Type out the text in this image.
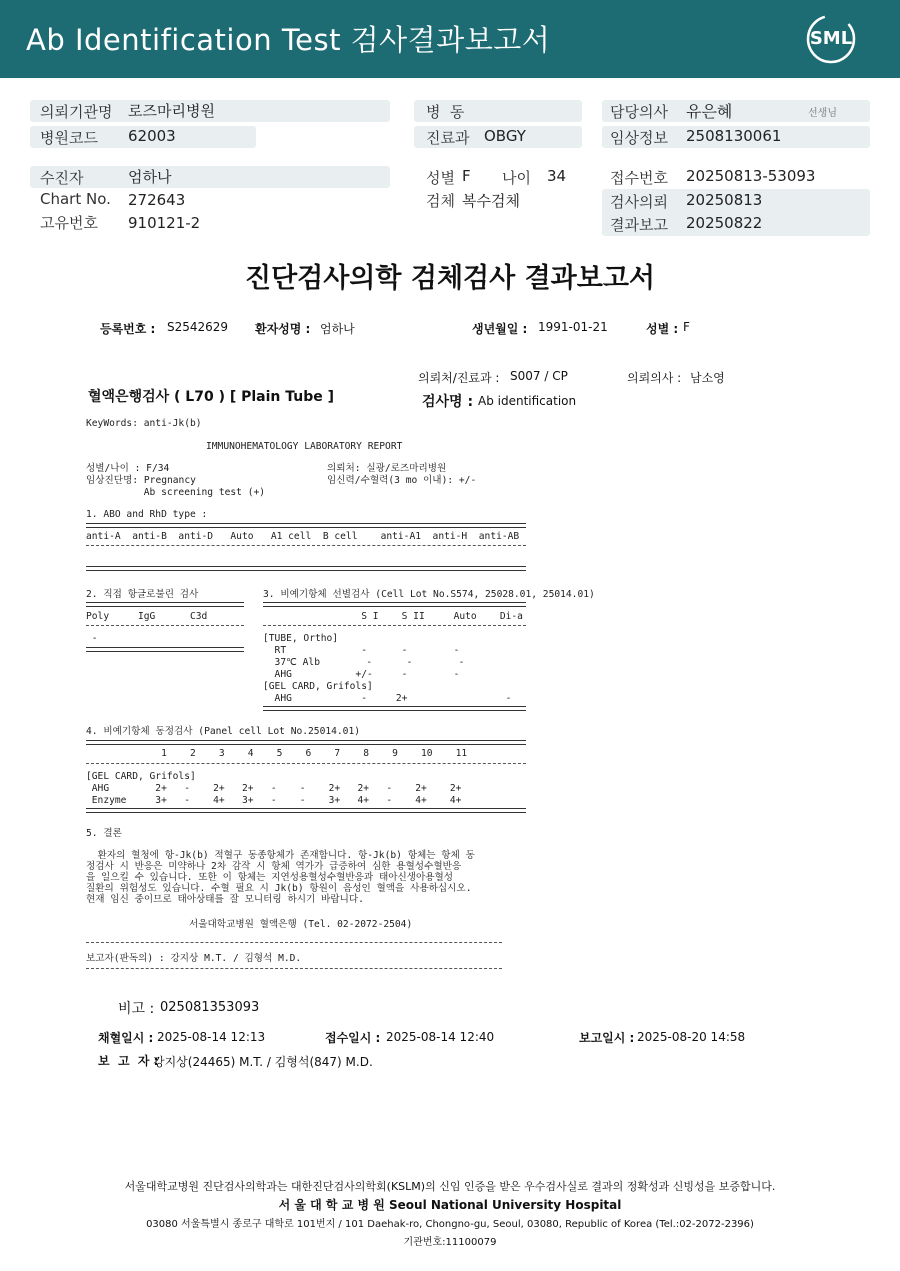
Ab Identification Test 검사결과보고서	SML
의뢰기관명 로즈마리병원
병원코드 62003
병  동
진료과 OBGY
담당의사 유은혜	선생님
임상정보 2508130061
수진자	엄하나
Chart No. 272643
고유번호 910121-2
성별 F 나이 34
검체 복수검체
접수번호 20250813-53093
검사의뢰 20250813
결과보고 20250822
진단검사의학 검체검사 결과보고서
등록번호 : S2542629 환자성명 : 엄하나	생년월일 : 1991-01-21	성별 : F
의뢰처/진료과 : S007 / CP	의뢰의사 : 남소영
혈액은행검사 ( L70 ) [ Plain Tube ]	검사명 : Ab identification
KeyWords: anti-Jk(b)
IMMUNOHEMATOLOGY LABORATORY REPORT
성별/나이 : F/34	의뢰처: 실광/로즈마리병원
임상진단명: Pregnancy	임신력/수혈력(3 mo 이내): +/-
Ab screening test (+)
1. ABO and RhD type :
anti-A  anti-B  anti-D   Auto   A1 cell  B cell    anti-A1  anti-H  anti-AB
2. 직접 항글로불린 검사
Poly     IgG      C3d
-
3. 비예기항체 선별검사 (Cell Lot No.S574, 25028.01, 25014.01)
S I    S II     Auto    Di-a
[TUBE, Ortho]
RT             -      -        -
37℃ Alb        -      -        -
AHG           +/-     -        -
[GEL CARD, Grifols]
AHG            -     2+                 -
4. 비예기항체 동정검사 (Panel cell Lot No.25014.01)
1    2    3    4    5    6    7    8    9    10    11
[GEL CARD, Grifols]
AHG        2+   -    2+   2+   -    -    2+   2+   -    2+    2+
Enzyme     3+   -    4+   3+   -    -    3+   4+   -    4+    4+
5. 결론
환자의 혈청에 항-Jk(b) 적혈구 동종항체가 존재합니다. 항-Jk(b) 항체는 항체 동
정검사 시 반응은 미약하나 2차 감작 시 항체 역가가 급증하여 심한 용혈성수혈반응
을 일으킬 수 있습니다. 또한 이 항체는 지연성용혈성수혈반응과 태아신생아용혈성
질환의 위험성도 있습니다. 수혈 필요 시 Jk(b) 항원이 음성인 혈액을 사용하십시오.
현재 임신 중이므로 태아상태를 잘 모니터링 하시기 바랍니다.
서울대학교병원 혈액은행 (Tel. 02-2072-2504)
보고자(판독의) : 강지상 M.T. / 김형석 M.D.
비고 : 025081353093
채혈일시 : 2025-08-14 12:13	접수일시 : 2025-08-14 12:40	보고일시 : 2025-08-20 14:58
보  고  자 :
강지상(24465) M.T. / 김형석(847) M.D.
서울대학교병원 진단검사의학과는 대한진단검사의학회(KSLM)의 신임 인증을 받은 우수검사실로 결과의 정확성과 신빙성을 보증합니다.
서 울 대 학 교 병 원 Seoul National University Hospital
03080 서울특별시 종로구 대학로 101번지 / 101 Daehak-ro, Chongno-gu, Seoul, 03080, Republic of Korea (Tel.:02-2072-2396)
기관번호:11100079
